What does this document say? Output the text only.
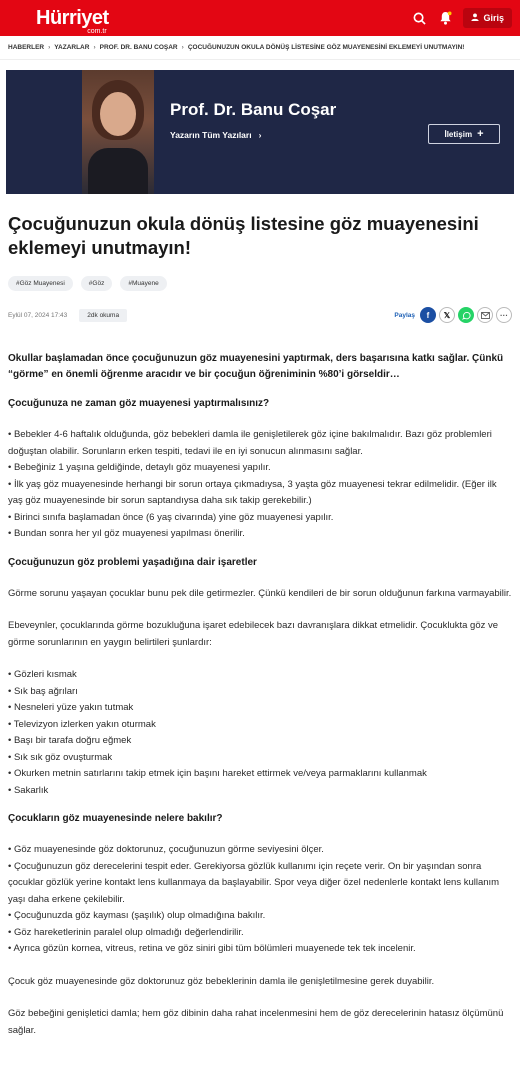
Hürriyet
com.tr
Giriş
HABERLER › YAZARLAR › PROF. DR. BANU COŞAR › ÇOCUĞUNUZUN OKULA DÖNÜŞ LİSTESİNE GÖZ MUAYENESİNİ EKLEMEYİ UNUTMAYIN!
Prof. Dr. Banu Coşar
Yazarın Tüm Yazıları   ›	İletişim +
Çocuğunuzun okula dönüş listesine göz muayenesini eklemeyi unutmayın!
#Göz Muayenesi	#Göz	#Muayene
Eylül 07, 2024 17:43	2dk okuma	Paylaş	f	𝕏	···

Okullar başlamadan önce çocuğunuzun göz muayenesini yaptırmak, ders başarısına katkı sağlar. Çünkü “görme” en önemli öğrenme aracıdır ve bir çocuğun öğreniminin %80’i görseldir…

Çocuğunuza ne zaman göz muayenesi yaptırmalısınız?

• Bebekler 4-6 haftalık olduğunda, göz bebekleri damla ile genişletilerek göz içine bakılmalıdır. Bazı göz problemleri doğuştan olabilir. Sorunların erken tespiti, tedavi ile en iyi sonucun alınmasını sağlar.

• Bebeğiniz 1 yaşına geldiğinde, detaylı göz muayenesi yapılır.

• İlk yaş göz muayenesinde herhangi bir sorun ortaya çıkmadıysa, 3 yaşta göz muayenesi tekrar edilmelidir. (Eğer ilk yaş göz muayenesinde bir sorun saptandıysa daha sık takip gerekebilir.)

• Birinci sınıfa başlamadan önce (6 yaş civarında) yine göz muayenesi yapılır.

• Bundan sonra her yıl göz muayenesi yapılması önerilir.

Çocuğunuzun göz problemi yaşadığına dair işaretler

Görme sorunu yaşayan çocuklar bunu pek dile getirmezler. Çünkü kendileri de bir sorun olduğunun farkına varmayabilir.

Ebeveynler, çocuklarında görme bozukluğuna işaret edebilecek bazı davranışlara dikkat etmelidir. Çocuklukta göz ve görme sorunlarının en yaygın belirtileri şunlardır:

• Gözleri kısmak

• Sık baş ağrıları

• Nesneleri yüze yakın tutmak

• Televizyon izlerken yakın oturmak

• Başı bir tarafa doğru eğmek

• Sık sık göz ovuşturmak

• Okurken metnin satırlarını takip etmek için başını hareket ettirmek ve/veya parmaklarını kullanmak

• Sakarlık

Çocukların göz muayenesinde nelere bakılır?

• Göz muayenesinde göz doktorunuz, çocuğunuzun görme seviyesini ölçer.

• Çocuğunuzun göz derecelerini tespit eder. Gerekiyorsa gözlük kullanımı için reçete verir. On bir yaşından sonra çocuklar gözlük yerine kontakt lens kullanmaya da başlayabilir. Spor veya diğer özel nedenlerle kontakt lens kullanım yaşı daha erkene çekilebilir.

• Çocuğunuzda göz kayması (şaşılık) olup olmadığına bakılır.

• Göz hareketlerinin paralel olup olmadığı değerlendirilir.

• Ayrıca gözün kornea, vitreus, retina ve göz siniri gibi tüm bölümleri muayenede tek tek incelenir.

Çocuk göz muayenesinde göz doktorunuz göz bebeklerinin damla ile genişletilmesine gerek duyabilir.

Göz bebeğini genişletici damla; hem göz dibinin daha rahat incelenmesini hem de göz derecelerinin hatasız ölçümünü sağlar.
